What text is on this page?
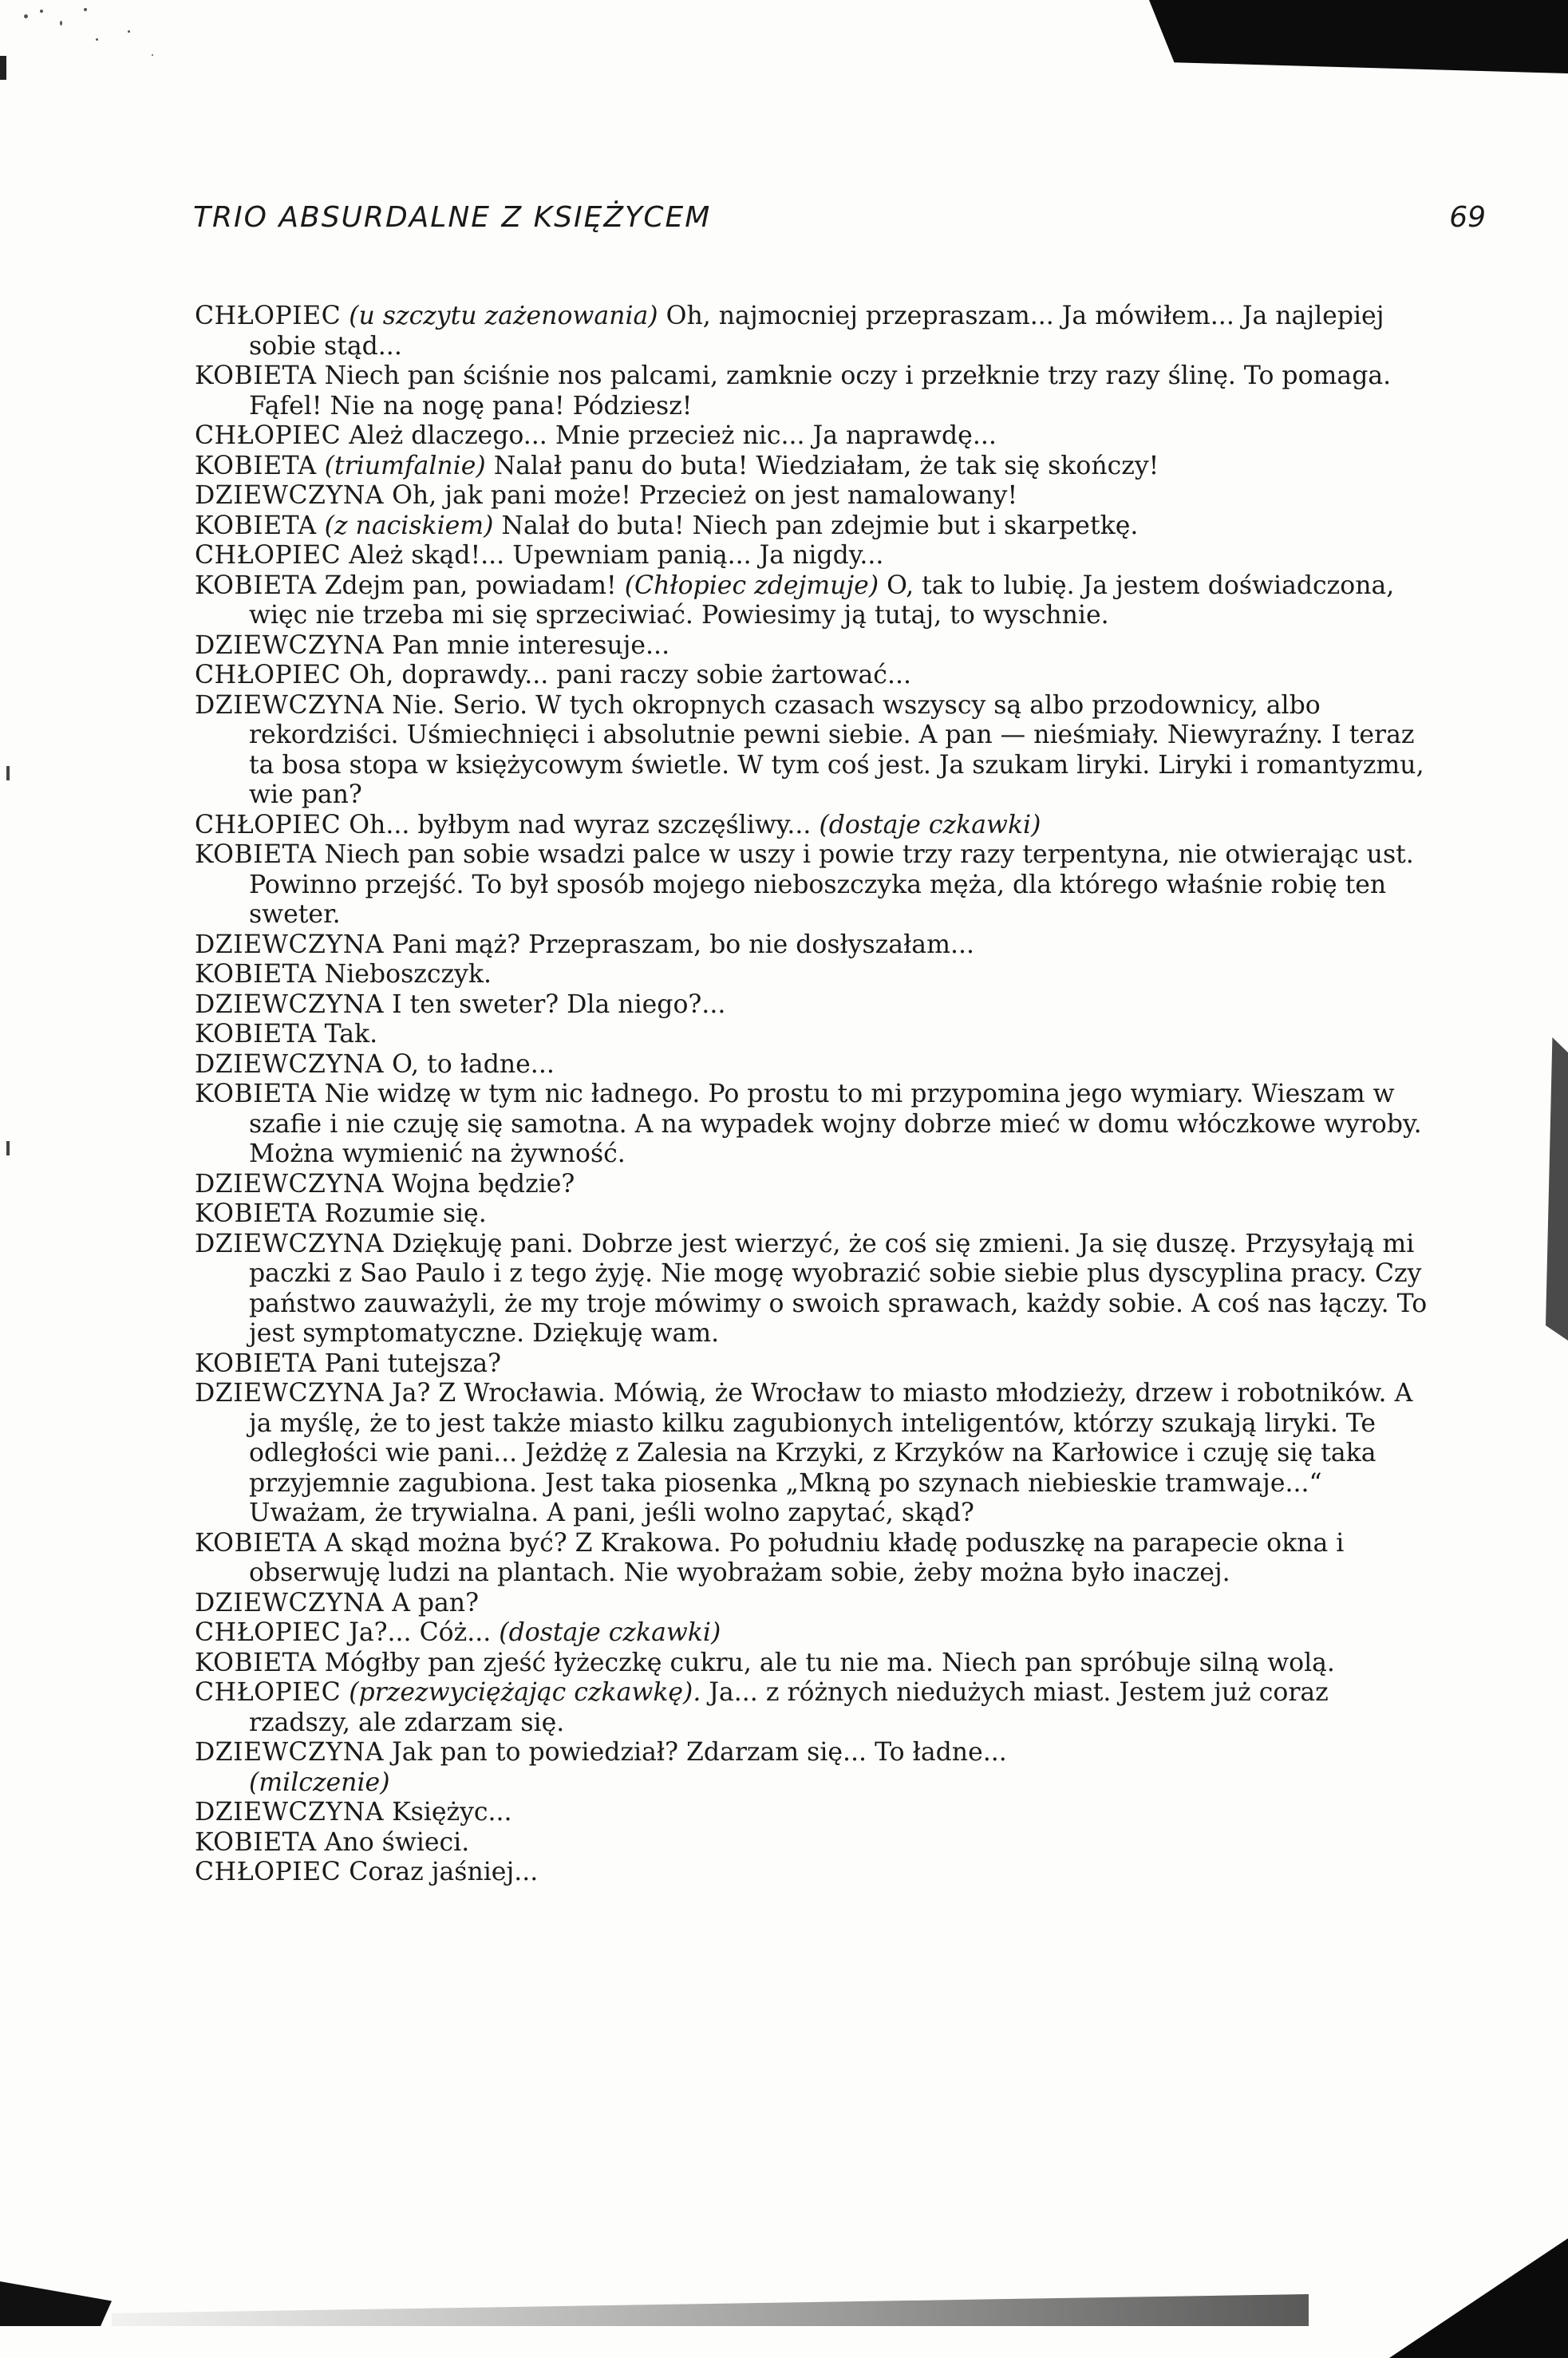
TRIO ABSURDALNE Z KSIĘŻYCEM	69
CHŁOPIEC (u szczytu zażenowania) Oh, najmocniej przepraszam... Ja mówiłem... Ja najlepiej sobie stąd...
KOBIETA Niech pan ściśnie nos palcami, zamknie oczy i przełknie trzy razy ślinę. To pomaga. Fąfel! Nie na nogę pana! Pódziesz!
CHŁOPIEC Ależ dlaczego... Mnie przecież nic... Ja naprawdę...
KOBIETA (triumfalnie) Nalał panu do buta! Wiedziałam, że tak się skończy!
DZIEWCZYNA Oh, jak pani może! Przecież on jest namalowany!
KOBIETA (z naciskiem) Nalał do buta! Niech pan zdejmie but i skarpetkę.
CHŁOPIEC Ależ skąd!... Upewniam panią... Ja nigdy...
KOBIETA Zdejm pan, powiadam! (Chłopiec zdejmuje) O, tak to lubię. Ja jestem doświadczona, więc nie trzeba mi się sprzeciwiać. Powiesimy ją tutaj, to wyschnie.
DZIEWCZYNA Pan mnie interesuje...
CHŁOPIEC Oh, doprawdy... pani raczy sobie żartować...
DZIEWCZYNA Nie. Serio. W tych okropnych czasach wszyscy są albo przodownicy, albo rekordziści. Uśmiechnięci i absolutnie pewni siebie. A pan — nieśmiały. Niewyraźny. I teraz ta bosa stopa w księżycowym świetle. W tym coś jest. Ja szukam liryki. Liryki i romantyzmu, wie pan?
CHŁOPIEC Oh... byłbym nad wyraz szczęśliwy... (dostaje czkawki)
KOBIETA Niech pan sobie wsadzi palce w uszy i powie trzy razy terpentyna, nie otwierając ust. Powinno przejść. To był sposób mojego nieboszczyka męża, dla którego właśnie robię ten sweter.
DZIEWCZYNA Pani mąż? Przepraszam, bo nie dosłyszałam...
KOBIETA Nieboszczyk.
DZIEWCZYNA I ten sweter? Dla niego?...
KOBIETA Tak.
DZIEWCZYNA O, to ładne...
KOBIETA Nie widzę w tym nic ładnego. Po prostu to mi przypomina jego wymiary. Wieszam w szafie i nie czuję się samotna. A na wypadek wojny dobrze mieć w domu włóczkowe wyroby. Można wymienić na żywność.
DZIEWCZYNA Wojna będzie?
KOBIETA Rozumie się.
DZIEWCZYNA Dziękuję pani. Dobrze jest wierzyć, że coś się zmieni. Ja się duszę. Przysyłają mi paczki z Sao Paulo i z tego żyję. Nie mogę wyobrazić sobie siebie plus dyscyplina pracy. Czy państwo zauważyli, że my troje mówimy o swoich sprawach, każdy sobie. A coś nas łączy. To jest symptomatyczne. Dziękuję wam.
KOBIETA Pani tutejsza?
DZIEWCZYNA Ja? Z Wrocławia. Mówią, że Wrocław to miasto młodzieży, drzew i robotników. A ja myślę, że to jest także miasto kilku zagubionych inteligentów, którzy szukają liryki. Te odległości wie pani... Jeżdżę z Zalesia na Krzyki, z Krzyków na Karłowice i czuję się taka przyjemnie zagubiona. Jest taka piosenka „Mkną po szynach niebieskie tramwaje...“ Uważam, że trywialna. A pani, jeśli wolno zapytać, skąd?
KOBIETA A skąd można być? Z Krakowa. Po południu kładę poduszkę na parapecie okna i obserwuję ludzi na plantach. Nie wyobrażam sobie, żeby można było inaczej.
DZIEWCZYNA A pan?
CHŁOPIEC Ja?... Cóż... (dostaje czkawki)
KOBIETA Mógłby pan zjeść łyżeczkę cukru, ale tu nie ma. Niech pan spróbuje silną wolą.
CHŁOPIEC (przezwyciężając czkawkę). Ja... z różnych niedużych miast. Jestem już coraz rzadszy, ale zdarzam się.
DZIEWCZYNA Jak pan to powiedział? Zdarzam się... To ładne...
(milczenie)
DZIEWCZYNA Księżyc...
KOBIETA Ano świeci.
CHŁOPIEC Coraz jaśniej...
